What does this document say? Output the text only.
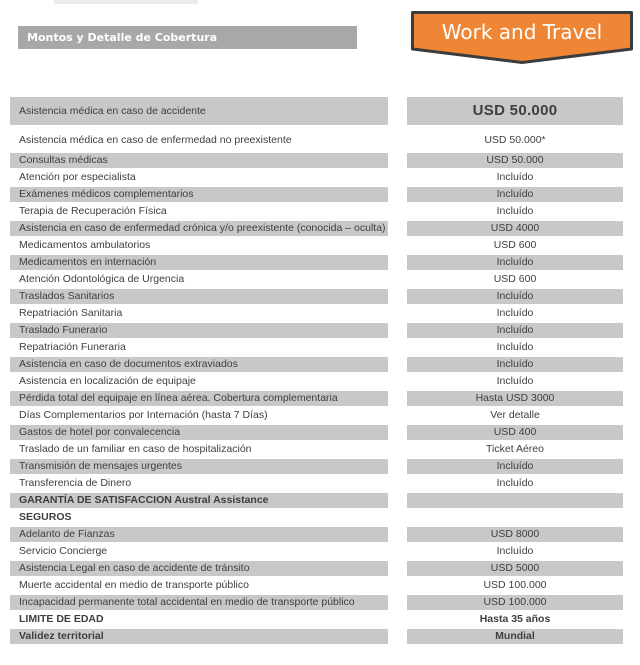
Montos y Detalle de Cobertura	Work and Travel
Asistencia médica en caso de accidente	USD 50.000
Asistencia médica en caso de enfermedad no preexistente	USD 50.000*
Consultas médicas	USD 50.000
Atención por especialista	Incluído
Exámenes médicos complementarios	Incluído
Terapia de Recuperación Física	Incluído
Asistencia en caso de enfermedad crónica y/o preexistente (conocida – oculta)	USD 4000
Medicamentos ambulatorios	USD 600
Medicamentos en internación	Incluído
Atención Odontológica de Urgencia	USD 600
Traslados Sanitarios	Incluído
Repatriación Sanitaria	Incluído
Traslado Funerario	Incluído
Repatriación Funeraria	Incluído
Asistencia en caso de documentos extraviados	Incluído
Asistencia en localización de equipaje	Incluído
Pérdida total del equipaje en línea aérea. Cobertura complementaria	Hasta USD 3000
Días Complementarios por Internación (hasta 7 Días)	Ver detalle
Gastos de hotel por convalecencia	USD 400
Traslado de un familiar en caso de hospitalización	Ticket Aéreo
Transmisión de mensajes urgentes	Incluído
Transferencia de Dinero	Incluído
GARANTÍA DE SATISFACCION Austral Assistance
SEGUROS
Adelanto de Fianzas	USD 8000
Servicio Concierge	Incluído
Asistencia Legal en caso de accidente de tránsito	USD 5000
Muerte accidental en medio de transporte público	USD 100.000
Incapacidad permanente total accidental en medio de transporte público	USD 100.000
LIMITE DE EDAD	Hasta 35 años
Validez territorial	Mundial
